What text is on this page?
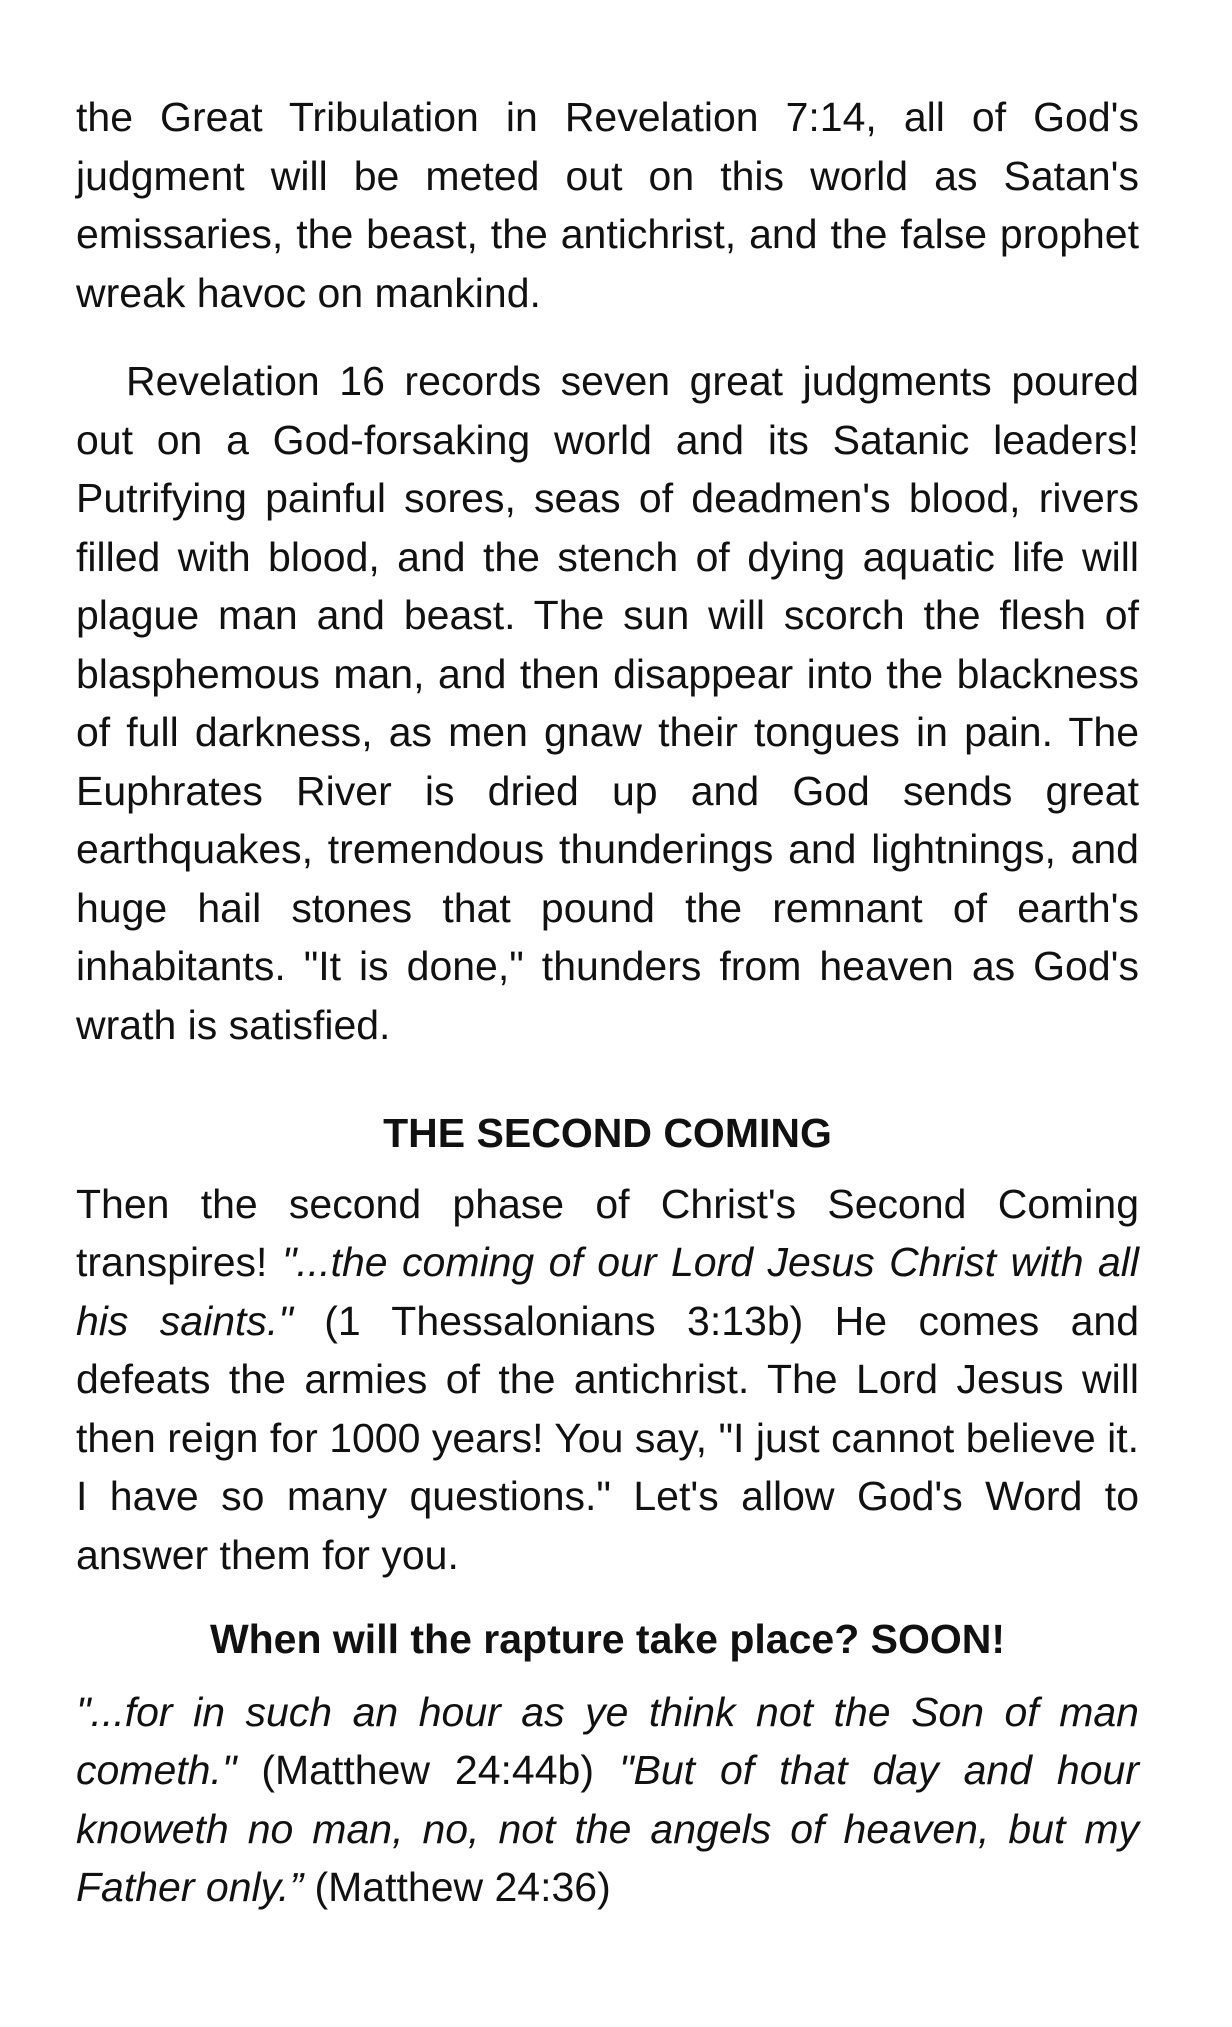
the Great Tribulation in Revelation 7:14, all of God's judgment will be meted out on this world as Satan's emissaries, the beast, the antichrist, and the false prophet wreak havoc on mankind.

Revelation 16 records seven great judgments poured out on a God-forsaking world and its Satanic leaders! Putrifying painful sores, seas of deadmen's blood, rivers filled with blood, and the stench of dying aquatic life will plague man and beast. The sun will scorch the flesh of blasphemous man, and then disappear into the blackness of full darkness, as men gnaw their tongues in pain. The Euphrates River is dried up and God sends great earthquakes, tremendous thunderings and lightnings, and huge hail stones that pound the remnant of earth's inhabitants. "It is done," thunders from heaven as God's wrath is satisfied.

THE SECOND COMING

Then the second phase of Christ's Second Coming transpires! "...the coming of our Lord Jesus Christ with all his saints." (1 Thessalonians 3:13b) He comes and defeats the armies of the antichrist. The Lord Jesus will then reign for 1000 years! You say, "I just cannot believe it. I have so many questions." Let's allow God's Word to answer them for you.

When will the rapture take place? SOON!

"...for in such an hour as ye think not the Son of man cometh." (Matthew 24:44b) "But of that day and hour knoweth no man, no, not the angels of heaven, but my Father only.” (Matthew 24:36)
